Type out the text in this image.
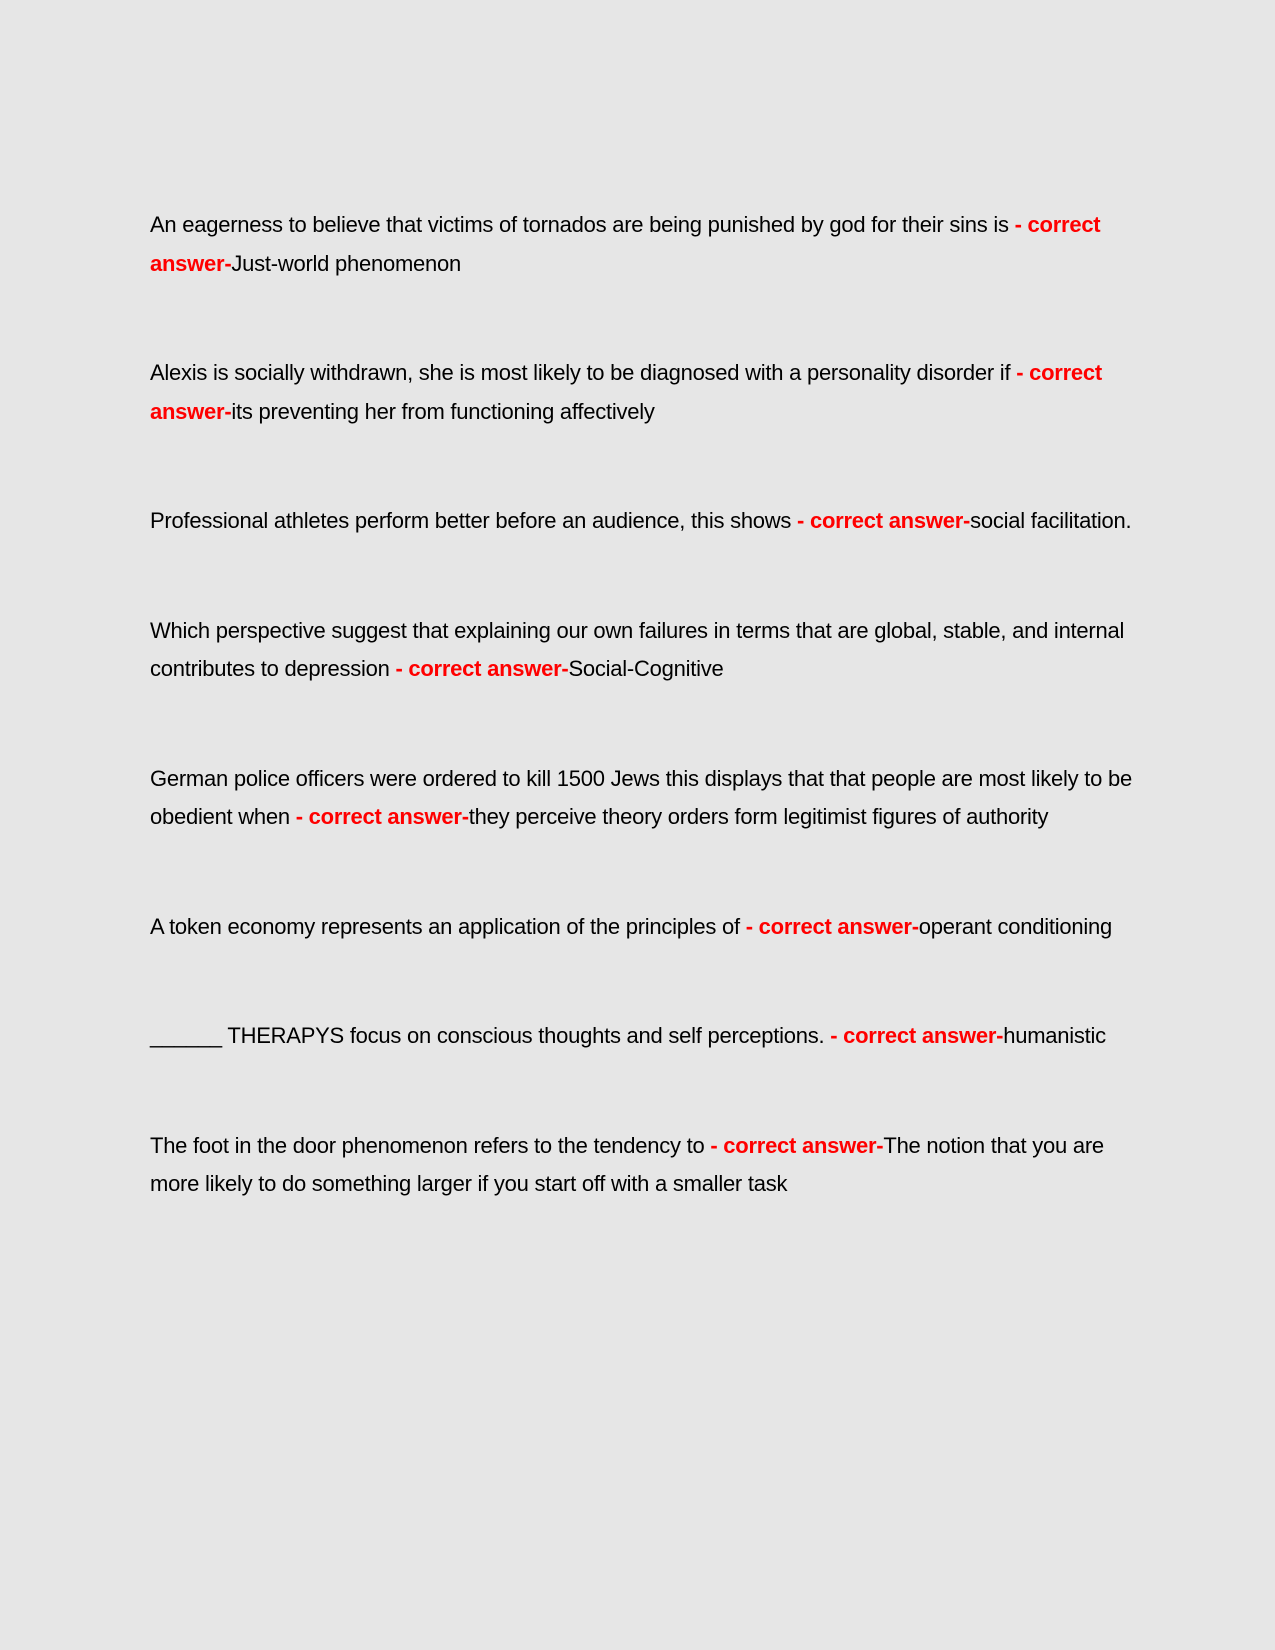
An eagerness to believe that victims of tornados are being punished by god for their sins is - correct answer-Just-world phenomenon

Alexis is socially withdrawn, she is most likely to be diagnosed with a personality disorder if - correct answer-its preventing her from functioning affectively

Professional athletes perform better before an audience, this shows - correct answer-social facilitation.

Which perspective suggest that explaining our own failures in terms that are global, stable, and internal contributes to depression - correct answer-Social-Cognitive

German police officers were ordered to kill 1500 Jews this displays that that people are most likely to be obedient when - correct answer-they perceive theory orders form legitimist figures of authority

A token economy represents an application of the principles of - correct answer-operant conditioning

______ THERAPYS focus on conscious thoughts and self perceptions. - correct answer-humanistic

The foot in the door phenomenon refers to the tendency to - correct answer-The notion that you are more likely to do something larger if you start off with a smaller task
